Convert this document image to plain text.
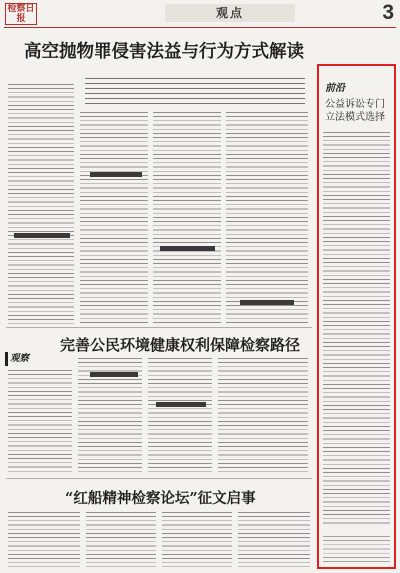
检察日报	观点	3
高空抛物罪侵害法益与行为方式解读
完善公民环境健康权利保障检察路径
观察
“红船精神检察论坛”征文启事
前沿
公益诉讼专门
立法模式选择
